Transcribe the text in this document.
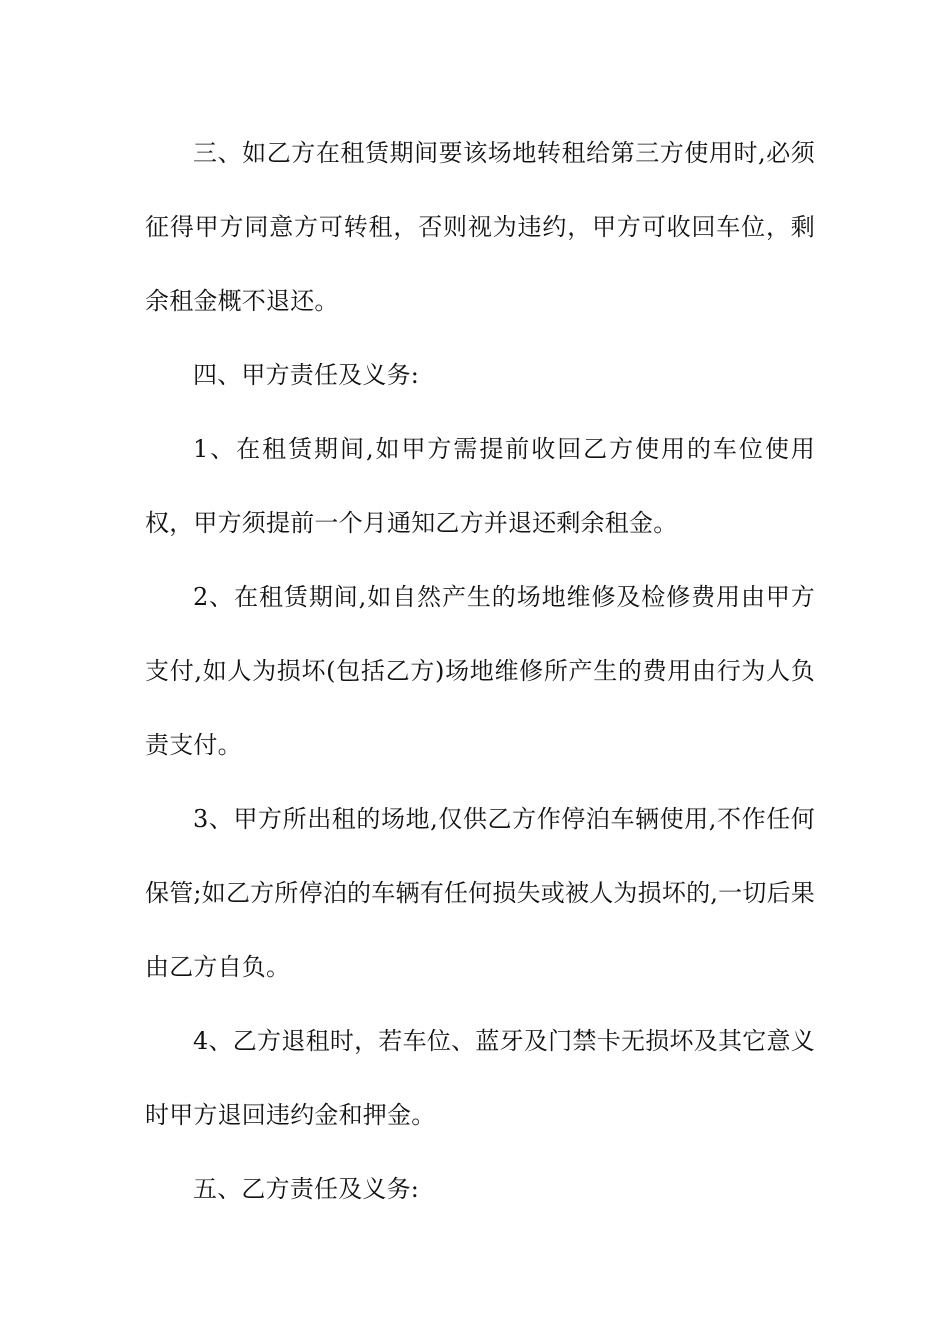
三、如乙方在租赁期间要该场地转租给第三方使用时,必须征得甲方同意方可转租，否则视为违约，甲方可收回车位，剩余租金概不退还。

四、甲方责任及义务:

1、在租赁期间,如甲方需提前收回乙方使用的车位使用权，甲方须提前一个月通知乙方并退还剩余租金。

2、在租赁期间,如自然产生的场地维修及检修费用由甲方支付,如人为损坏(包括乙方)场地维修所产生的费用由行为人负责支付。

3、甲方所出租的场地,仅供乙方作停泊车辆使用,不作任何保管;如乙方所停泊的车辆有任何损失或被人为损坏的,一切后果由乙方自负。

4、乙方退租时，若车位、蓝牙及门禁卡无损坏及其它意义时甲方退回违约金和押金。

五、乙方责任及义务:
